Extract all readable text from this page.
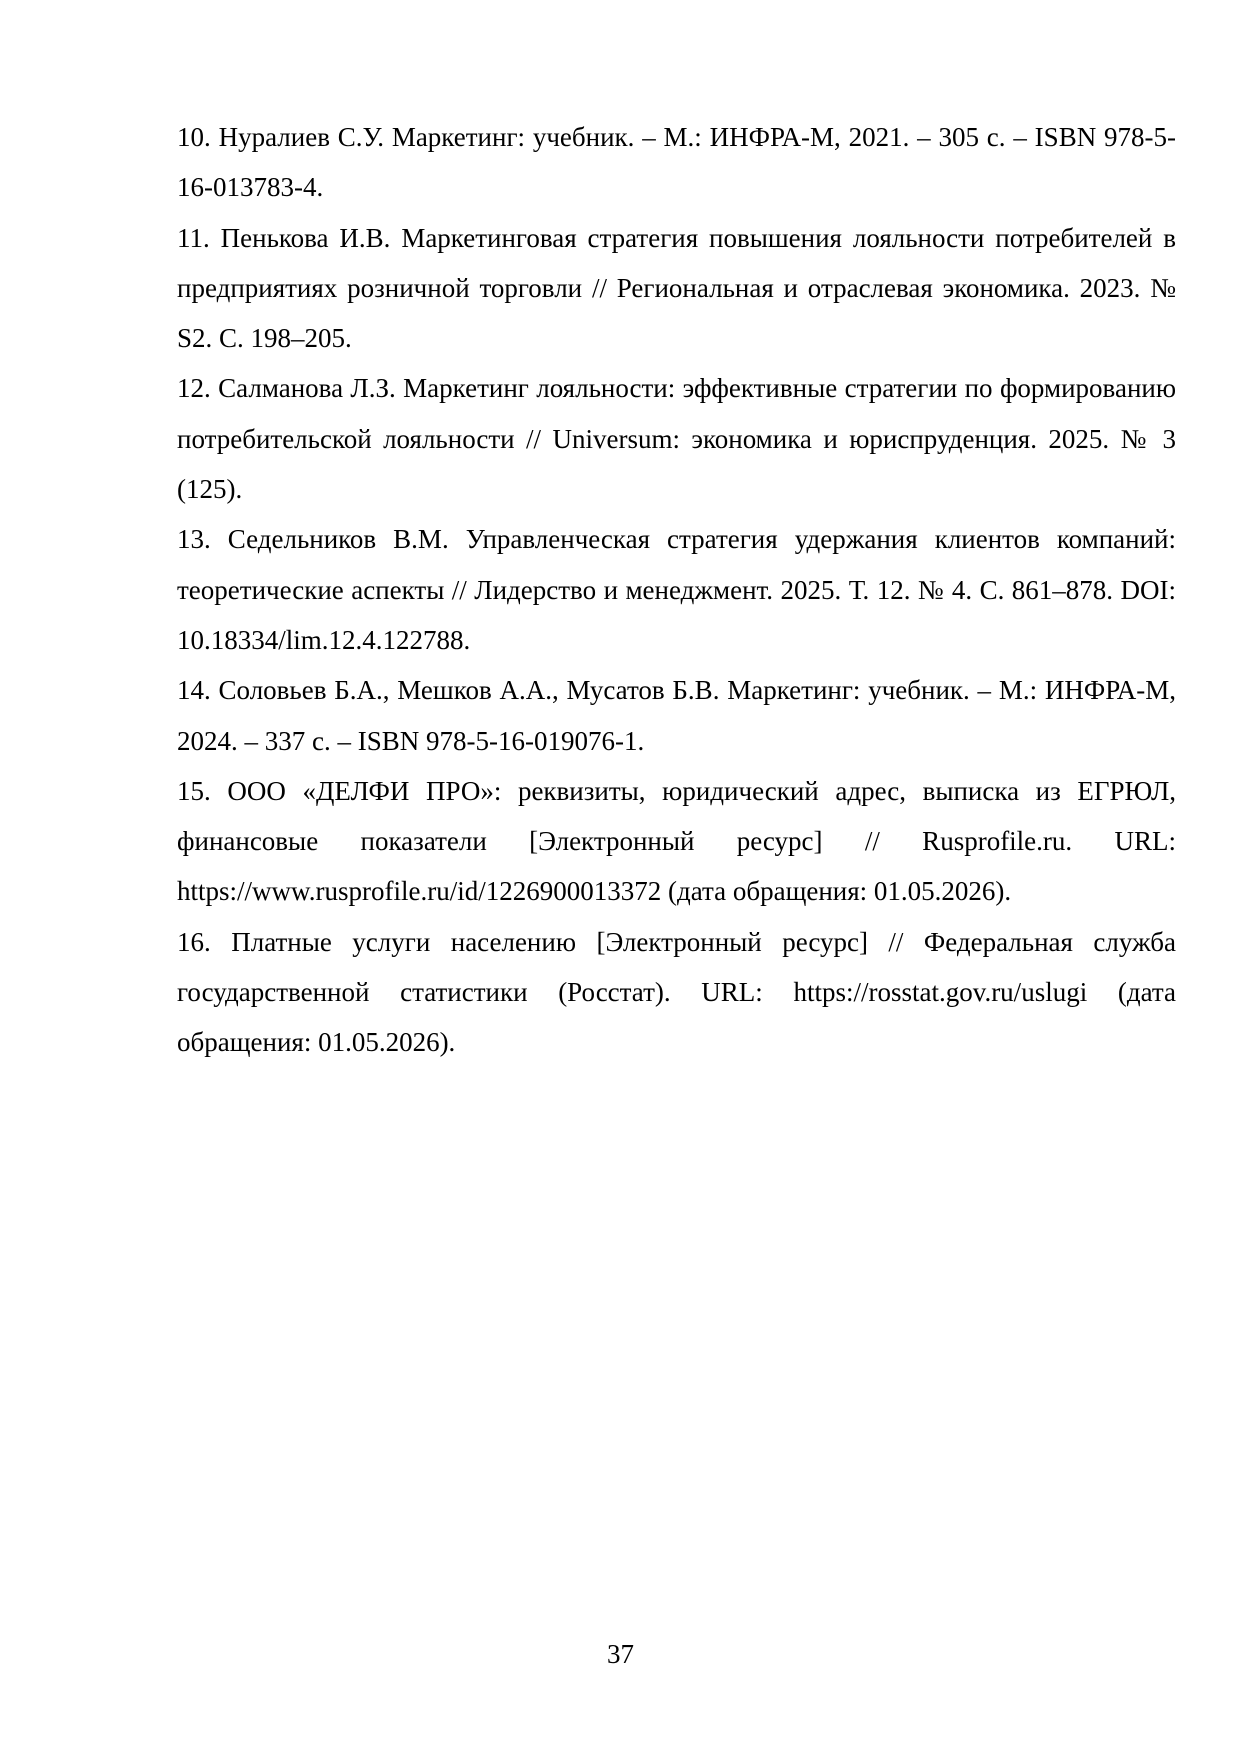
10. Нуралиев С.У. Маркетинг: учебник. – М.: ИНФРА-М, 2021. – 305 с. – ISBN 978-5-16-013783-4.
11. Пенькова И.В. Маркетинговая стратегия повышения лояльности потребителей в предприятиях розничной торговли // Региональная и отраслевая экономика. 2023. № S2. С. 198–205.
12. Салманова Л.З. Маркетинг лояльности: эффективные стратегии по формированию потребительской лояльности // Universum: экономика и юриспруденция. 2025. № 3 (125).
13. Седельников В.М. Управленческая стратегия удержания клиентов компаний: теоретические аспекты // Лидерство и менеджмент. 2025. Т. 12. № 4. С. 861–878. DOI: 10.18334/lim.12.4.122788.
14. Соловьев Б.А., Мешков А.А., Мусатов Б.В. Маркетинг: учебник. – М.: ИНФРА-М, 2024. – 337 с. – ISBN 978-5-16-019076-1.
15. ООО «ДЕЛФИ ПРО»: реквизиты, юридический адрес, выписка из ЕГРЮЛ, финансовые показатели [Электронный ресурс] // Rusprofile.ru. URL: https://www.rusprofile.ru/id/1226900013372 (дата обращения: 01.05.2026).
16. Платные услуги населению [Электронный ресурс] // Федеральная служба государственной статистики (Росстат). URL: https://rosstat.gov.ru/uslugi (дата обращения: 01.05.2026).
37
